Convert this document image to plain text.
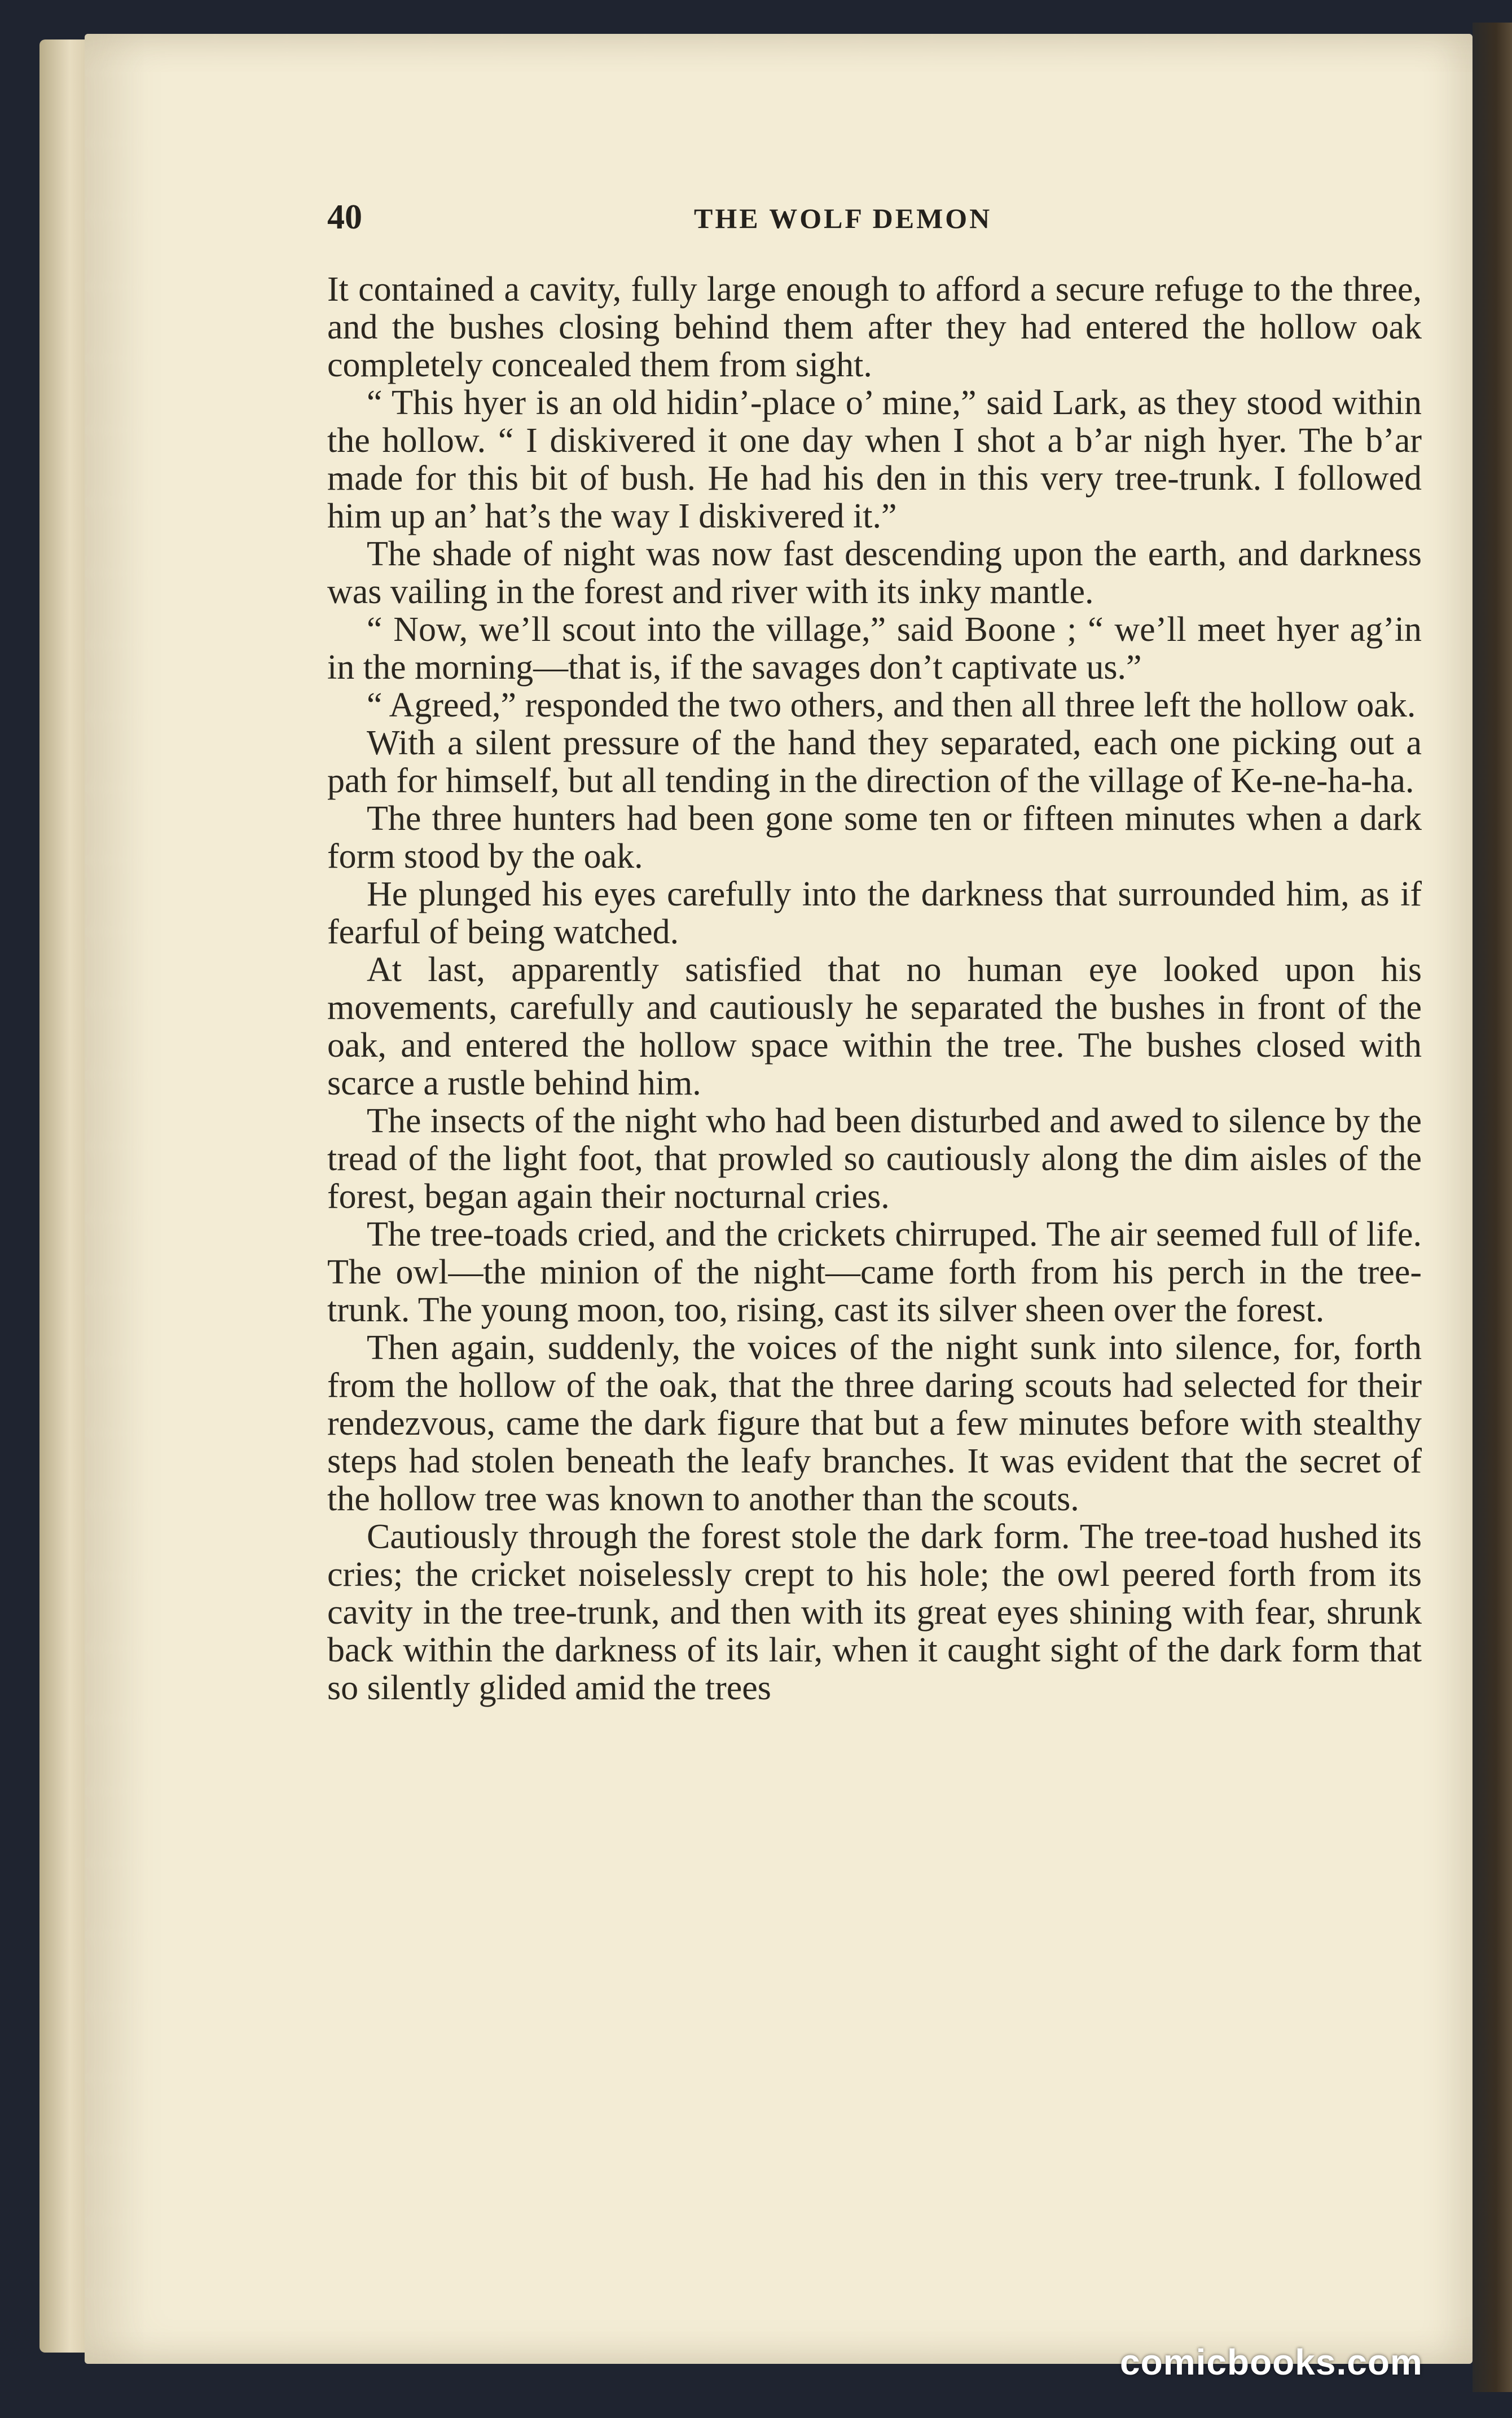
40	THE WOLF DEMON

It contained a cavity, fully large enough to afford a secure refuge to the three, and the bushes closing behind them after they had entered the hollow oak completely concealed them from sight.

“ This hyer is an old hidin’-place o’ mine,” said Lark, as they stood within the hollow. “ I diskivered it one day when I shot a b’ar nigh hyer. The b’ar made for this bit of bush. He had his den in this very tree-trunk. I followed him up an’ hat’s the way I diskivered it.”

The shade of night was now fast descending upon the earth, and darkness was vailing in the forest and river with its inky mantle.

“ Now, we’ll scout into the village,” said Boone ; “ we’ll meet hyer ag’in in the morning—that is, if the savages don’t captivate us.”

“ Agreed,” responded the two others, and then all three left the hollow oak.

With a silent pressure of the hand they separated, each one picking out a path for himself, but all tending in the direction of the village of Ke-ne-ha-ha.

The three hunters had been gone some ten or fifteen minutes when a dark form stood by the oak.

He plunged his eyes carefully into the darkness that surrounded him, as if fearful of being watched.

At last, apparently satisfied that no human eye looked upon his movements, carefully and cautiously he separated the bushes in front of the oak, and entered the hollow space within the tree. The bushes closed with scarce a rustle behind him.

The insects of the night who had been disturbed and awed to silence by the tread of the light foot, that prowled so cautiously along the dim aisles of the forest, began again their nocturnal cries.

The tree-toads cried, and the crickets chirruped. The air seemed full of life. The owl—the minion of the night—came forth from his perch in the tree-trunk. The young moon, too, rising, cast its silver sheen over the forest.

Then again, suddenly, the voices of the night sunk into silence, for, forth from the hollow of the oak, that the three daring scouts had selected for their rendezvous, came the dark figure that but a few minutes before with stealthy steps had stolen beneath the leafy branches. It was evident that the secret of the hollow tree was known to another than the scouts.

Cautiously through the forest stole the dark form. The tree-toad hushed its cries; the cricket noiselessly crept to his hole; the owl peered forth from its cavity in the tree-trunk, and then with its great eyes shining with fear, shrunk back within the darkness of its lair, when it caught sight of the dark form that so silently glided amid the trees

comicbooks.com
